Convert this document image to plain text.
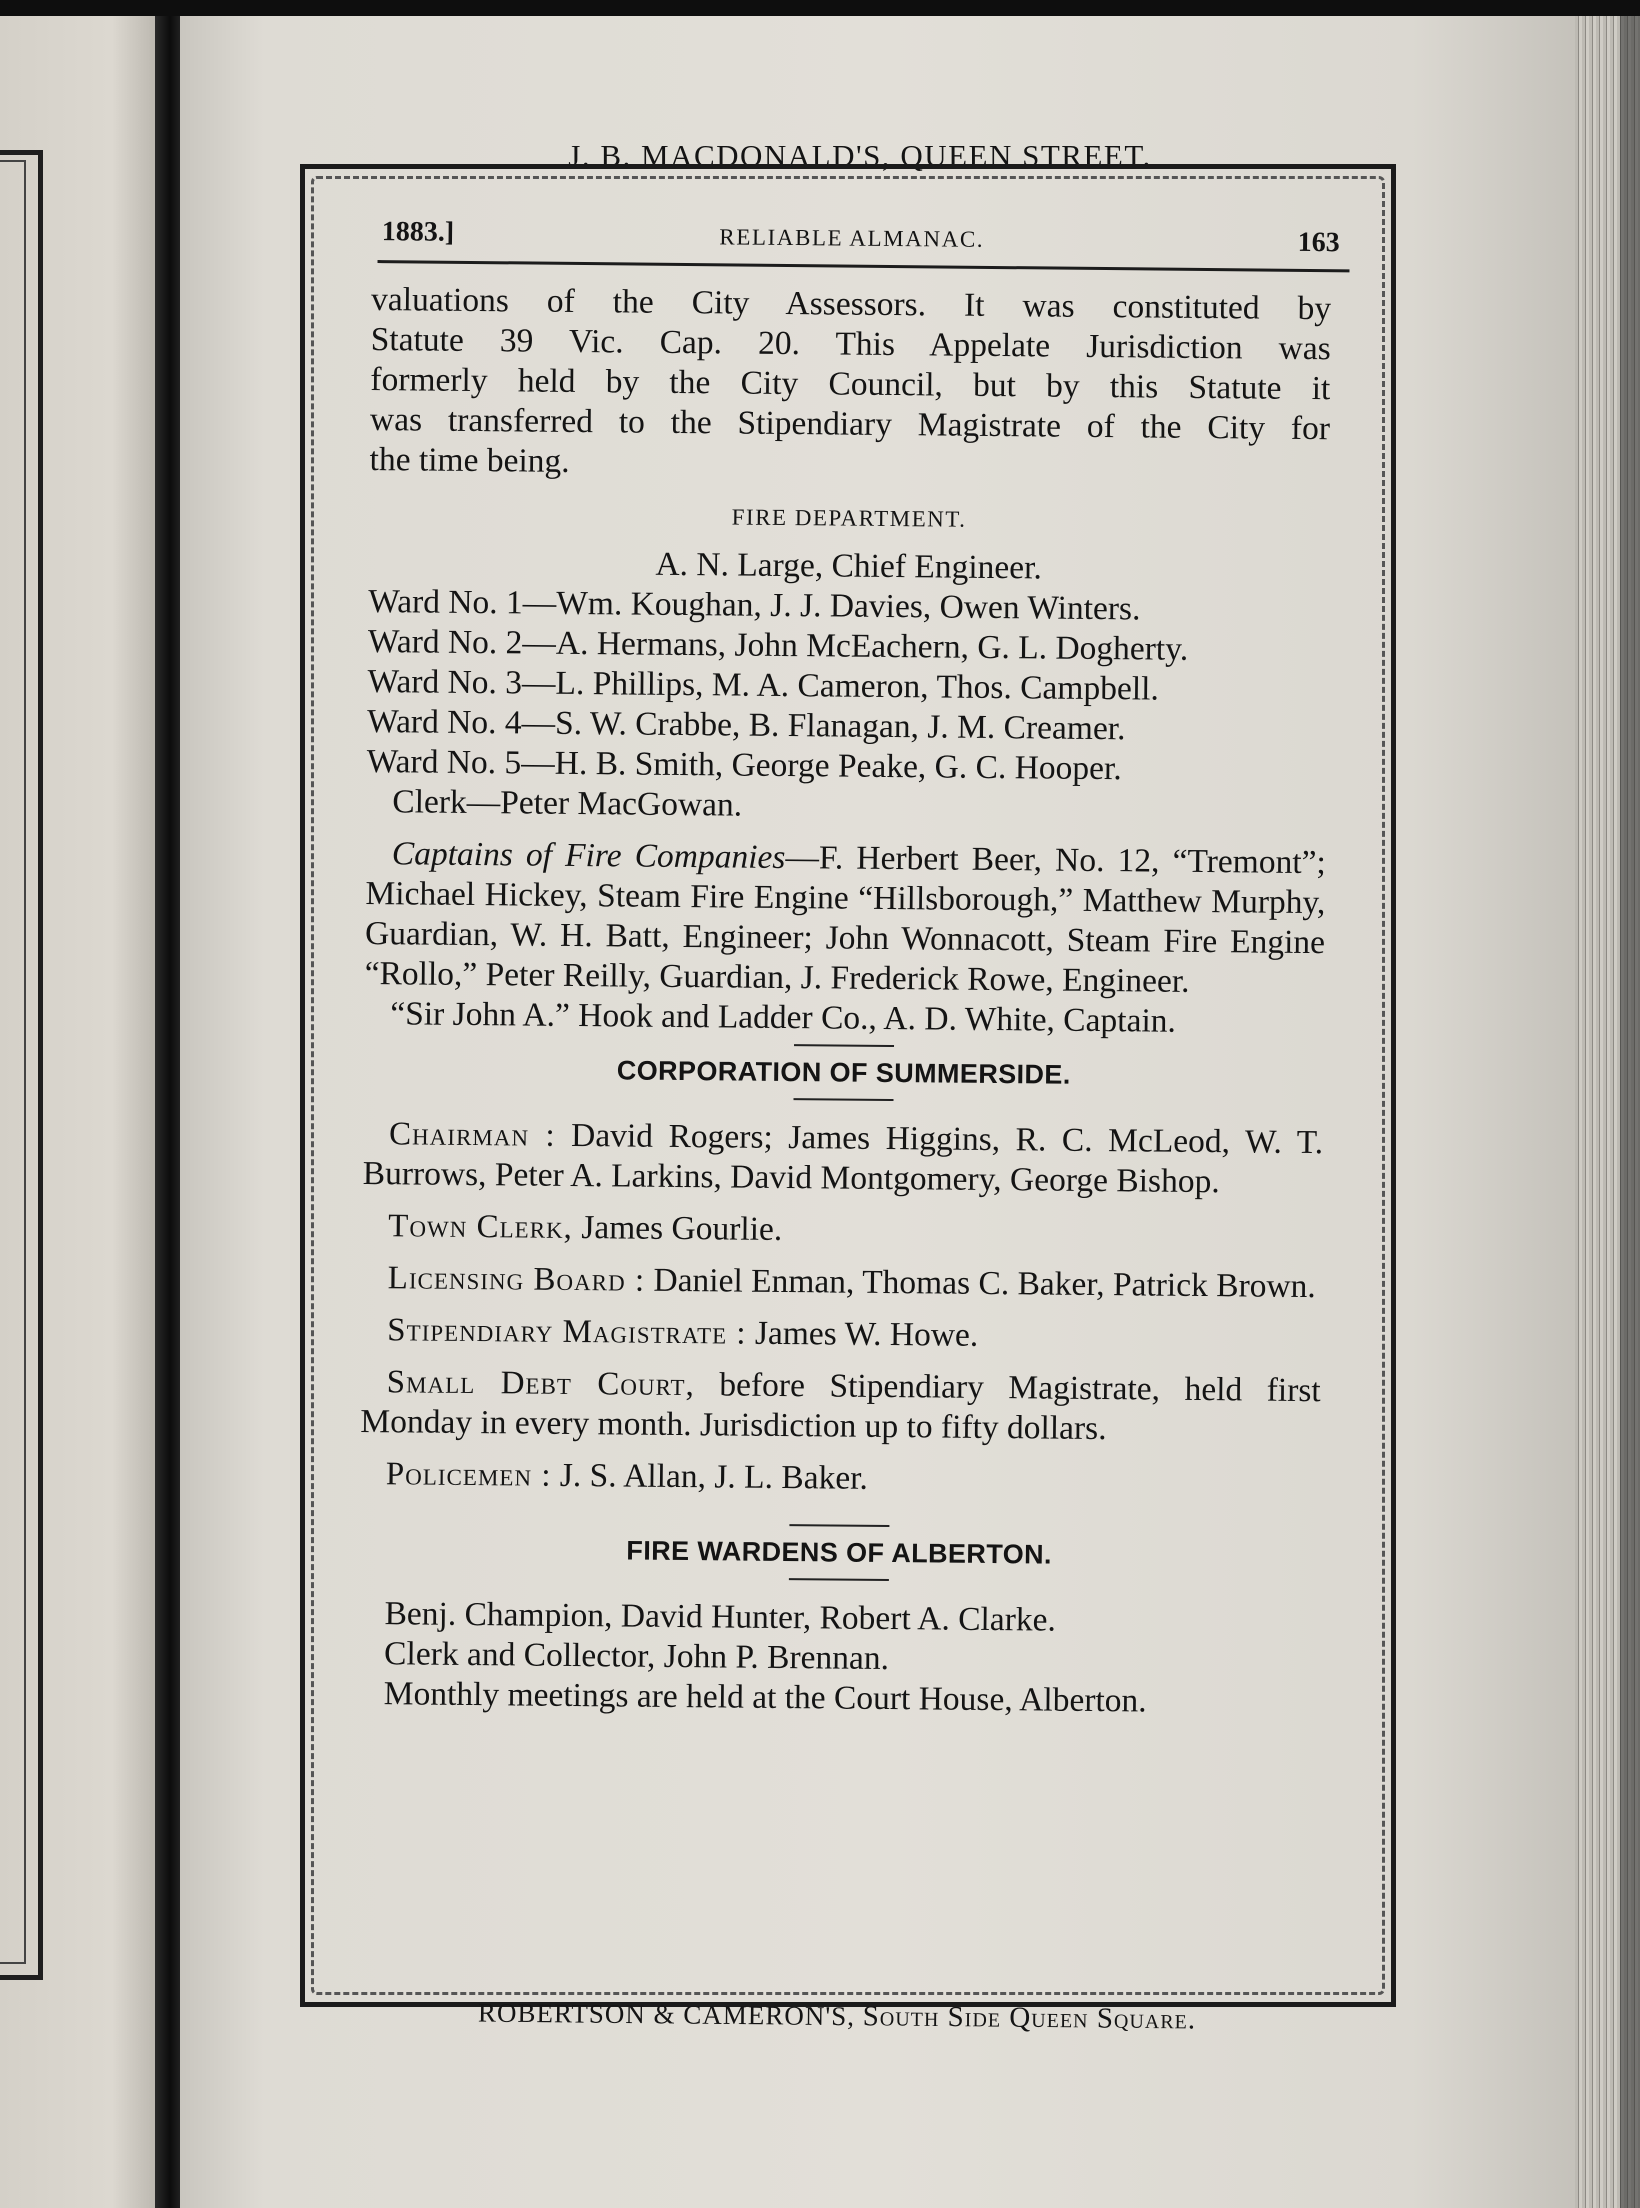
J. B. MACDONALD'S, QUEEN STREET.
1883.]	RELIABLE ALMANAC.	163

valuations of the City Assessors. It was constituted by

Statute 39 Vic. Cap. 20. This Appelate Jurisdiction was

formerly held by the City Council, but by this Statute it

was transferred to the Stipendiary Magistrate of the City for

the time being.

FIRE DEPARTMENT.

A. N. Large, Chief Engineer.

Ward No. 1—Wm. Koughan, J. J. Davies, Owen Winters.

Ward No. 2—A. Hermans, John McEachern, G. L. Dogherty.

Ward No. 3—L. Phillips, M. A. Cameron, Thos. Campbell.

Ward No. 4—S. W. Crabbe, B. Flanagan, J. M. Creamer.

Ward No. 5—H. B. Smith, George Peake, G. C. Hooper.

Clerk—Peter MacGowan.

Captains of Fire Companies—F. Herbert Beer, No. 12, “Tremont”; Michael Hickey, Steam Fire Engine “Hillsborough,” Matthew Murphy, Guardian, W. H. Batt, Engineer; John Wonnacott, Steam Fire Engine “Rollo,” Peter Reilly, Guardian, J. Frederick Rowe, Engineer.

“Sir John A.” Hook and Ladder Co., A. D. White, Captain.

CORPORATION OF SUMMERSIDE.

Chairman : David Rogers; James Higgins, R. C. McLeod, W. T. Burrows, Peter A. Larkins, David Montgomery, George Bishop.

Town Clerk, James Gourlie.

Licensing Board : Daniel Enman, Thomas C. Baker, Patrick Brown.

Stipendiary Magistrate : James W. Howe.

Small Debt Court, before Stipendiary Magistrate, held first Monday in every month. Jurisdiction up to fifty dollars.

Policemen : J. S. Allan, J. L. Baker.

FIRE WARDENS OF ALBERTON.

Benj. Champion, David Hunter, Robert A. Clarke.

Clerk and Collector, John P. Brennan.

Monthly meetings are held at the Court House, Alberton.

ROBERTSON & CAMERON'S, South Side Queen Square.
